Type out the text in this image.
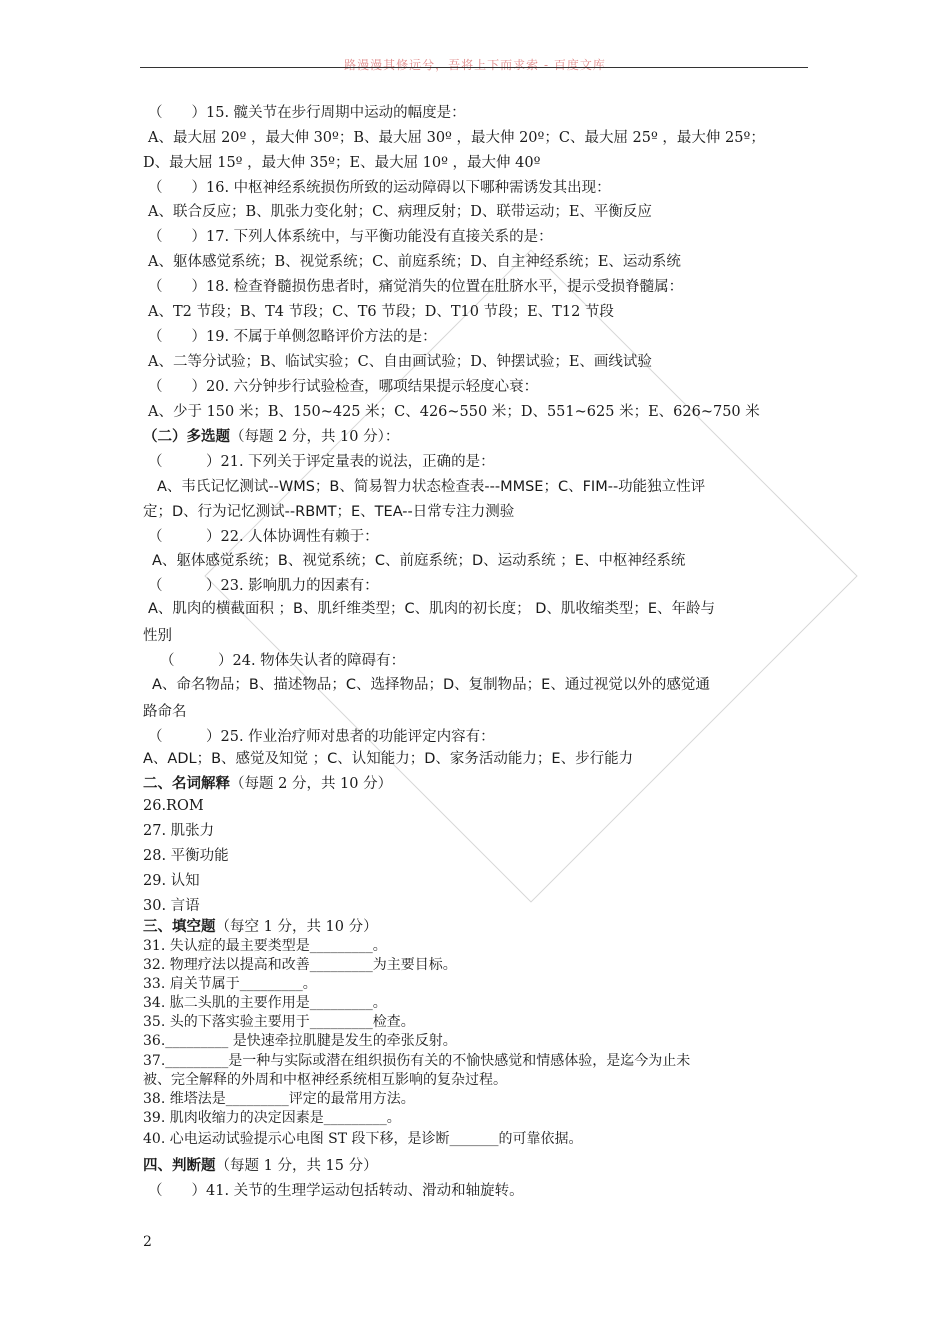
路漫漫其修远兮，吾将上下而求索 - 百度文库
（　　）15. 髋关节在步行周期中运动的幅度是：
A、最大屈 20º ，最大伸 30º；B、最大屈 30º ，最大伸 20º；C、最大屈 25º ，最大伸 25º；
D、最大屈 15º ，最大伸 35º；E、最大屈 10º ，最大伸 40º
（　　）16. 中枢神经系统损伤所致的运动障碍以下哪种需诱发其出现：
A、联合反应；B、肌张力变化射；C、病理反射；D、联带运动；E、平衡反应
（　　）17. 下列人体系统中，与平衡功能没有直接关系的是：
A、躯体感觉系统；B、视觉系统；C、前庭系统；D、自主神经系统；E、运动系统
（　　）18. 检查脊髓损伤患者时，痛觉消失的位置在肚脐水平，提示受损脊髓属：
A、T2 节段；B、T4 节段；C、T6 节段；D、T10 节段；E、T12 节段
（　　）19. 不属于单侧忽略评价方法的是：
A、二等分试验；B、临试实验；C、自由画试验；D、钟摆试验；E、画线试验
（　　）20. 六分钟步行试验检查，哪项结果提示轻度心衰：
A、少于 150 米；B、150~425 米；C、426~550 米；D、551~625 米；E、626~750 米
（二）多选题（每题 2 分，共 10 分）：
（　　　）21. 下列关于评定量表的说法，正确的是：
A、韦氏记忆测试--WMS；B、简易智力状态检查表---MMSE；C、FIM--功能独立性评
定；D、行为记忆测试--RBMT；E、TEA--日常专注力测验
（　　　）22. 人体协调性有赖于：
A、躯体感觉系统；B、视觉系统；C、前庭系统；D、运动系统 ；E、中枢神经系统
（　　　）23. 影响肌力的因素有：
A、肌肉的横截面积 ；B、肌纤维类型；C、肌肉的初长度； D、肌收缩类型；E、年龄与
性别
（　　　）24. 物体失认者的障碍有：
A、命名物品；B、描述物品；C、选择物品；D、复制物品；E、通过视觉以外的感觉通
路命名
（　　　）25. 作业治疗师对患者的功能评定内容有：
A、ADL；B、感觉及知觉 ；C、认知能力；D、家务活动能力；E、步行能力
二、名词解释（每题 2 分，共 10 分）
26.ROM
27. 肌张力
28. 平衡功能
29. 认知
30. 言语
三、填空题（每空 1 分，共 10 分）
31. 失认症的最主要类型是_________。
32. 物理疗法以提高和改善_________为主要目标。
33. 肩关节属于_________。
34. 肱二头肌的主要作用是_________。
35. 头的下落实验主要用于_________检查。
36._________ 是快速牵拉肌腱是发生的牵张反射。
37._________是一种与实际或潜在组织损伤有关的不愉快感觉和情感体验，是迄今为止未
被、完全解释的外周和中枢神经系统相互影响的复杂过程。
38. 维塔法是_________评定的最常用方法。
39. 肌肉收缩力的决定因素是_________。
40. 心电运动试验提示心电图 ST 段下移，是诊断_______的可靠依据。
四、判断题（每题 1 分，共 15 分）
（　　）41. 关节的生理学运动包括转动、滑动和轴旋转。
2
